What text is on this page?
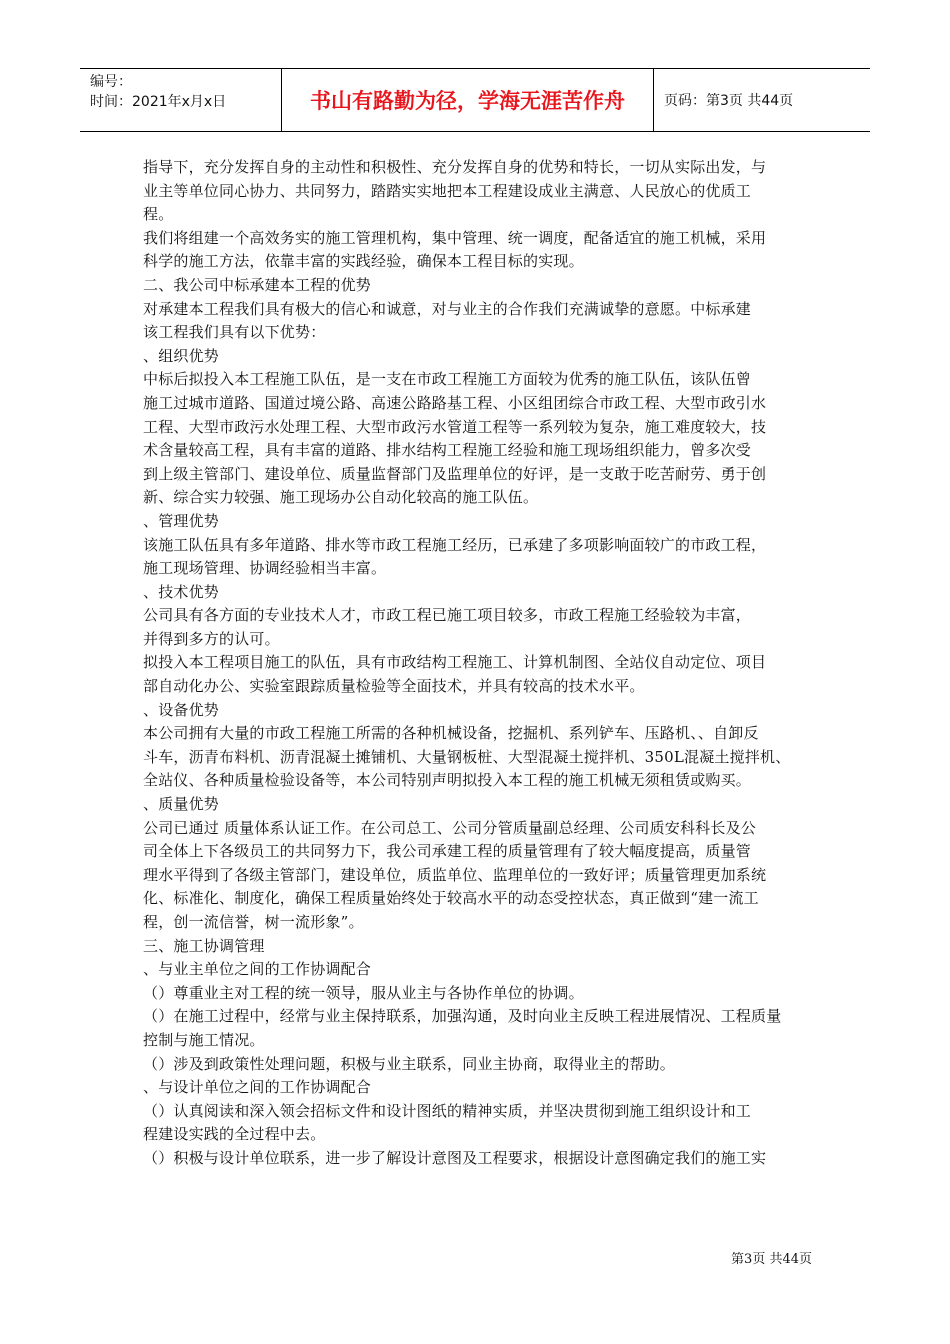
编号：
时间：2021年x月x日	书山有路勤为径，学海无涯苦作舟	页码：第3页 共44页
指导下，充分发挥自身的主动性和积极性、充分发挥自身的优势和特长，一切从实际出发，与
业主等单位同心协力、共同努力，踏踏实实地把本工程建设成业主满意、人民放心的优质工
程。
我们将组建一个高效务实的施工管理机构，集中管理、统一调度，配备适宜的施工机械，采用
科学的施工方法，依靠丰富的实践经验，确保本工程目标的实现。
二、我公司中标承建本工程的优势
对承建本工程我们具有极大的信心和诚意，对与业主的合作我们充满诚挚的意愿。中标承建
该工程我们具有以下优势：
、组织优势
中标后拟投入本工程施工队伍，是一支在市政工程施工方面较为优秀的施工队伍，该队伍曾
施工过城市道路、国道过境公路、高速公路路基工程、小区组团综合市政工程、大型市政引水
工程、大型市政污水处理工程、大型市政污水管道工程等一系列较为复杂，施工难度较大，技
术含量较高工程，具有丰富的道路、排水结构工程施工经验和施工现场组织能力，曾多次受
到上级主管部门、建设单位、质量监督部门及监理单位的好评，是一支敢于吃苦耐劳、勇于创
新、综合实力较强、施工现场办公自动化较高的施工队伍。
、管理优势
该施工队伍具有多年道路、排水等市政工程施工经历，已承建了多项影响面较广的市政工程，
施工现场管理、协调经验相当丰富。
、技术优势
公司具有各方面的专业技术人才，市政工程已施工项目较多，市政工程施工经验较为丰富，
并得到多方的认可。
拟投入本工程项目施工的队伍，具有市政结构工程施工、计算机制图、全站仪自动定位、项目
部自动化办公、实验室跟踪质量检验等全面技术，并具有较高的技术水平。
、设备优势
本公司拥有大量的市政工程施工所需的各种机械设备，挖掘机、系列铲车、压路机、、自卸反
斗车，沥青布料机、沥青混凝土摊铺机、大量钢板桩、大型混凝土搅拌机、350L混凝土搅拌机、
全站仪、各种质量检验设备等，本公司特别声明拟投入本工程的施工机械无须租赁或购买。
、质量优势
公司已通过 质量体系认证工作。在公司总工、公司分管质量副总经理、公司质安科科长及公
司全体上下各级员工的共同努力下，我公司承建工程的质量管理有了较大幅度提高，质量管
理水平得到了各级主管部门，建设单位，质监单位、监理单位的一致好评；质量管理更加系统
化、标准化、制度化，确保工程质量始终处于较高水平的动态受控状态，真正做到“建一流工
程，创一流信誉，树一流形象”。
三、施工协调管理
、与业主单位之间的工作协调配合
（）尊重业主对工程的统一领导，服从业主与各协作单位的协调。
（）在施工过程中，经常与业主保持联系，加强沟通，及时向业主反映工程进展情况、工程质量
控制与施工情况。
（）涉及到政策性处理问题，积极与业主联系，同业主协商，取得业主的帮助。
、与设计单位之间的工作协调配合
（）认真阅读和深入领会招标文件和设计图纸的精神实质，并坚决贯彻到施工组织设计和工
程建设实践的全过程中去。
（）积极与设计单位联系，进一步了解设计意图及工程要求，根据设计意图确定我们的施工实
第3页 共44页
